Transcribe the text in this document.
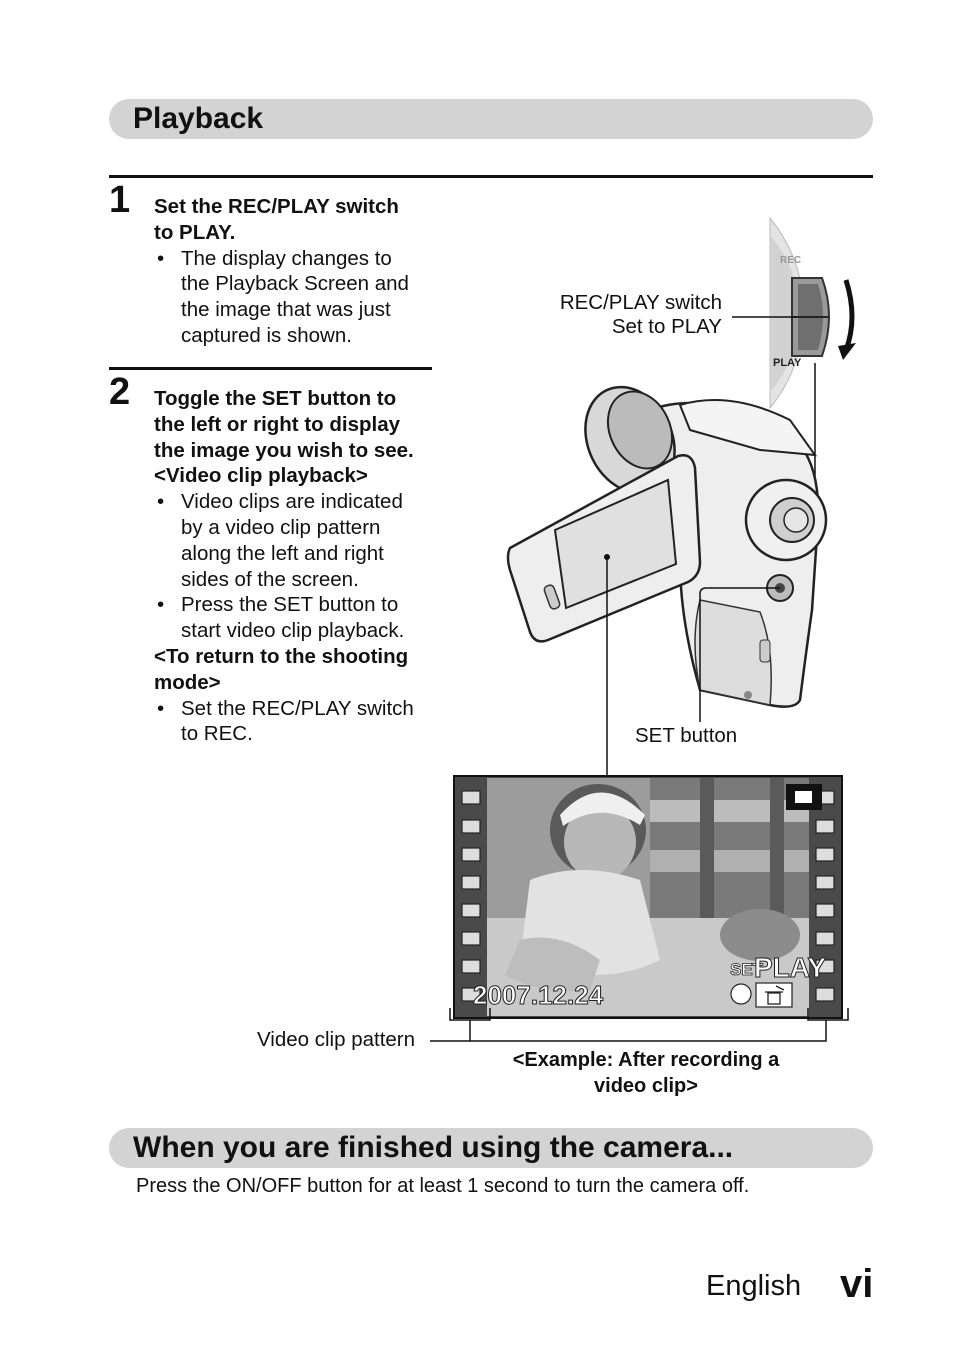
Playback
1 Set the REC/PLAY switch
to PLAY.
• The display changes to
the Playback Screen and
the image that was just
captured is shown.
2 Toggle the SET button to
the left or right to display
the image you wish to see.
<Video clip playback>
• Video clips are indicated
by a video clip pattern
along the left and right
sides of the screen.
• Press the SET button to
start video clip playback.
<To return to the shooting
mode>
• Set the REC/PLAY switch
to REC.
REC
PLAY
SET
PLAY
2007.12.24
REC/PLAY switch
Set to PLAY
SET button
Video clip pattern
<Example: After recording a
video clip>
When you are finished using the camera...
Press the ON/OFF button for at least 1 second to turn the camera off.
English vi
